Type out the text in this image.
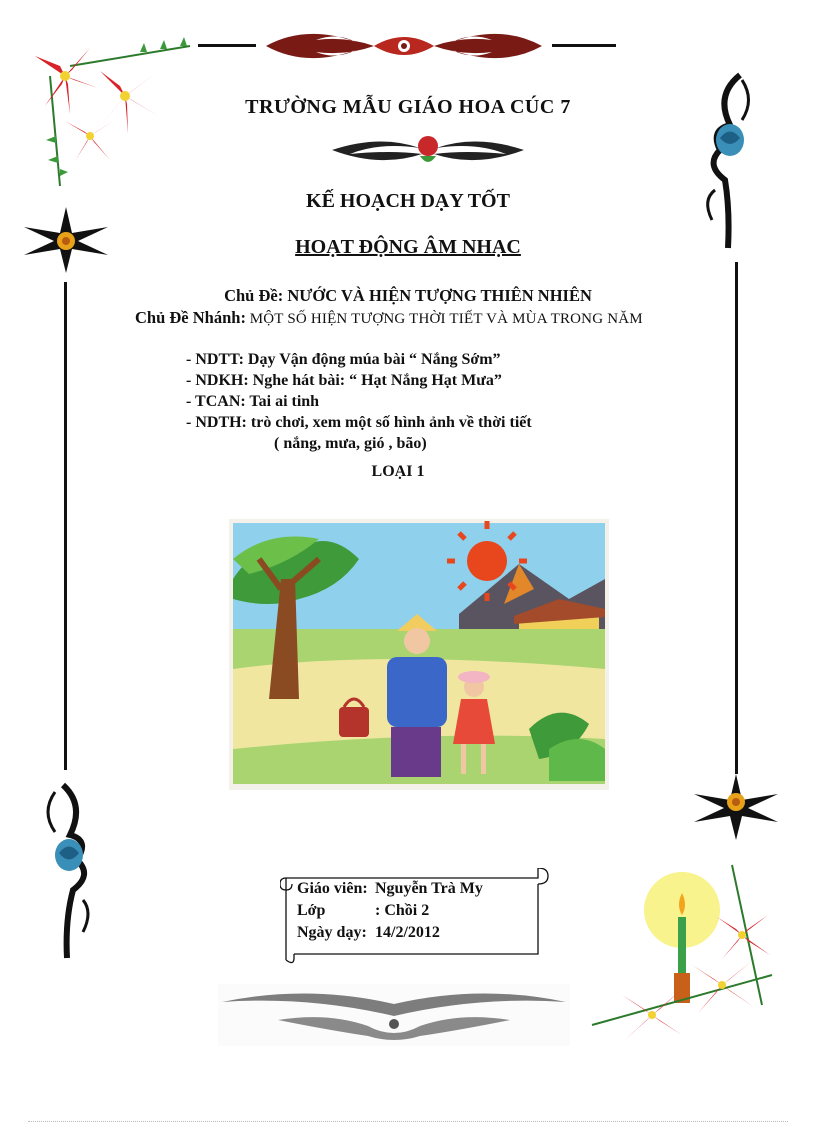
TRƯỜNG MẪU GIÁO HOA CÚC 7
KẾ HOẠCH DẠY TỐT
HOẠT ĐỘNG ÂM NHẠC
Chủ Đề: NƯỚC VÀ HIỆN TƯỢNG THIÊN NHIÊN
Chủ Đề Nhánh: MỘT SỐ HIỆN TƯỢNG THỜI TIẾT VÀ MÙA TRONG NĂM
- NDTT: Dạy Vận động múa bài “ Nắng Sớm”
- NDKH: Nghe hát bài: “ Hạt Nắng Hạt Mưa”
- TCAN: Tai ai tinh
- NDTH: trò chơi, xem một số hình ảnh về thời tiết
( nắng, mưa, gió , bão)
LOẠI 1
Giáo viên: Nguyễn Trà My
Lớp	: Chồi 2
Ngày dạy: 14/2/2012
